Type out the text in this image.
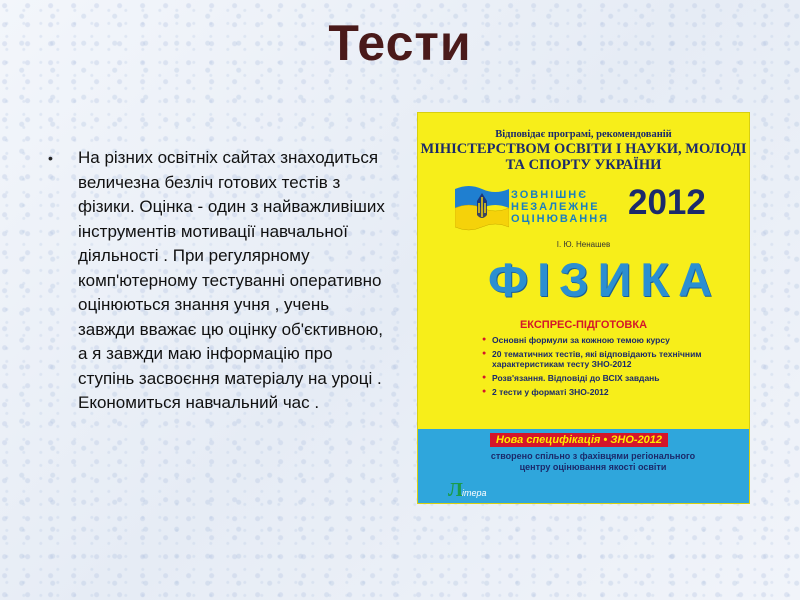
Тести
• На різних освітніх сайтах знаходиться величезна безліч готових тестів з фізики. Оцінка - один з найважливіших інструментів мотивації навчальної діяльності . При регулярному комп'ютерному тестуванні оперативно оцінюються знання учня , учень завжди вважає цю оцінку об'єктивною, а я завжди маю інформацію про ступінь засвоєння матеріалу на уроці . Економиться навчальний час .
Відповідає програмі, рекомендованій
МІНІСТЕРСТВОМ ОСВІТИ І НАУКИ, МОЛОДІ ТА СПОРТУ УКРАЇНИ
ЗОВНІШНЄ
НЕЗАЛЕЖНЕ
ОЦІНЮВАННЯ 2012
І. Ю. Ненашев
ФІЗИКА
ЕКСПРЕС-ПІДГОТОВКА
● Основні формули за кожною темою курсу
● 20 тематичних тестів, які відповідають технічним характеристикам тесту ЗНО-2012
● Розв'язання. Відповіді до ВСІХ завдань
● 2 тести у форматі ЗНО-2012
Нова специфікація • ЗНО-2012
створено спільно з фахівцями регіонального центру оцінювання якості освіти
Л ітера
